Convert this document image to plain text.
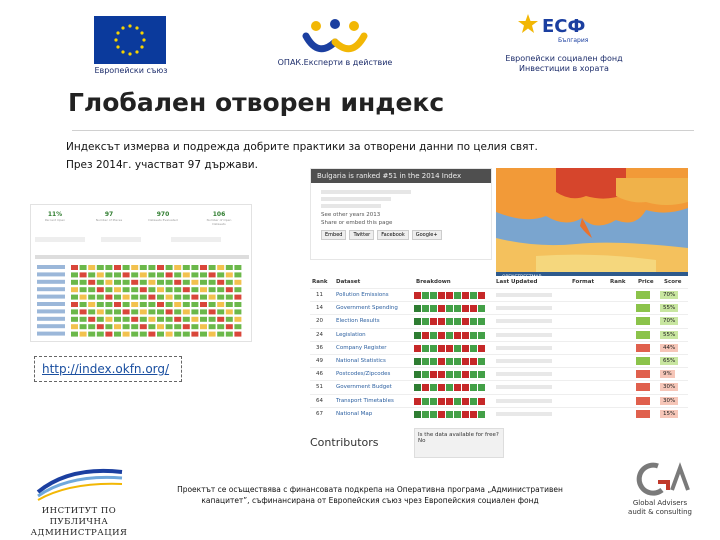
Европейски съюз
ОПАК.Експерти в действие
ЕСФ
България
Европейски социален фонд
Инвестиции в хората
Глобален отворен индекс
Индексът измерва и подрежда добрите практики за отворени данни по целия свят.
През 2014г. участват 97 държави.
11%
Percent Open
97
Number of Places
970
Datasets Evaluated
106
Number of Open Datasets
Bulgaria is ranked #51 in the 2014 Index
See other years 2013
Share or embed this page
Embed	Twitter	Facebook	Google+
Rank Dataset	Breakdown	Last Updated	Format	Rank Price Score
11 Pollution Emissions	70%
14 Government Spending	55%
20 Election Results	70%
24 Legislation	55%
36 Company Register	44%
49 National Statistics	65%
46 Postcodes/Zipcodes	9%
51 Government Budget	30%
64 Transport Timetables	30%
67 National Map	15%
Contributors
Is the data available for free? No
http://index.okfn.org/
ИНСТИТУТ ПО ПУБЛИЧНА
АДМИНИСТРАЦИЯ
Проектът се осъществява с финансовата подкрепа на Оперативна програма „Административен капацитет”, съфинансирана от Европейския съюз чрез Европейския социален фонд	Global Advisers
audit & consulting
